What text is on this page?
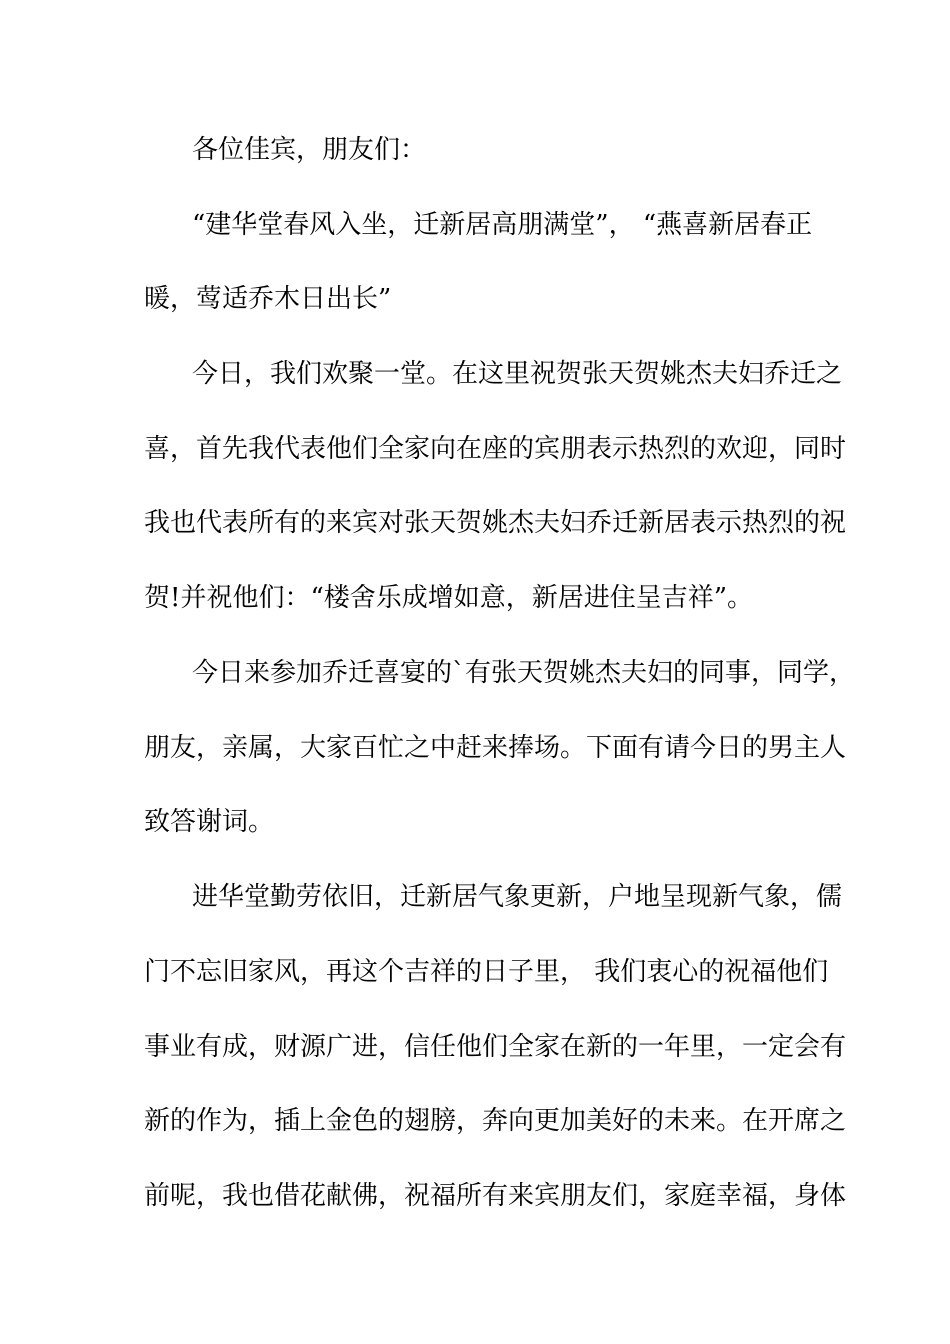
各位佳宾，朋友们：
“建华堂春风入坐，迁新居高朋满堂”， “燕喜新居春正
暖，莺适乔木日出长”
今日，我们欢聚一堂。在这里祝贺张天贺姚杰夫妇乔迁之
喜，首先我代表他们全家向在座的宾朋表示热烈的欢迎，同时
我也代表所有的来宾对张天贺姚杰夫妇乔迁新居表示热烈的祝
贺!并祝他们：“楼舍乐成增如意，新居进住呈吉祥”。
今日来参加乔迁喜宴的`有张天贺姚杰夫妇的同事，同学，
朋友，亲属，大家百忙之中赶来捧场。下面有请今日的男主人
致答谢词。
进华堂勤劳依旧，迁新居气象更新，户地呈现新气象，儒
门不忘旧家风，再这个吉祥的日子里， 我们衷心的祝福他们
事业有成，财源广进，信任他们全家在新的一年里，一定会有
新的作为，插上金色的翅膀，奔向更加美好的未来。在开席之
前呢，我也借花献佛，祝福所有来宾朋友们，家庭幸福，身体
